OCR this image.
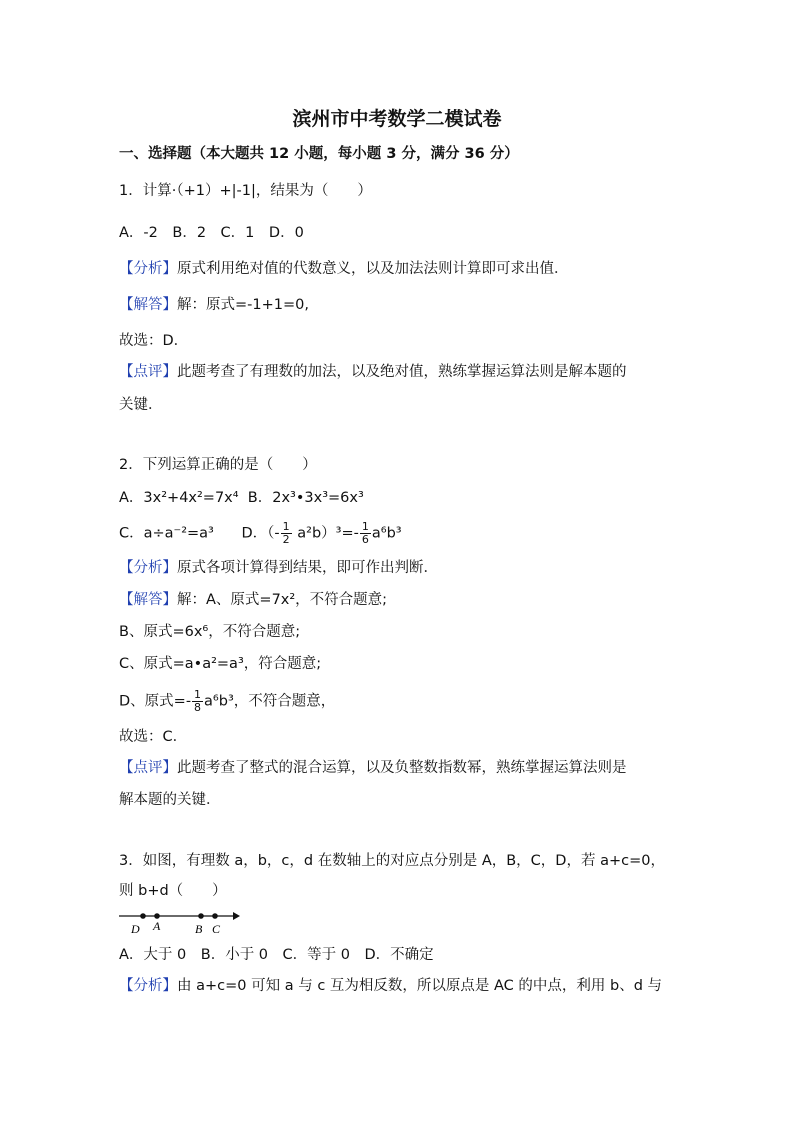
滨州市中考数学二模试卷
一、选择题（本大题共 12 小题，每小题 3 分，满分 36 分）
1．计算·（+1）+|-1|，结果为（　　）
A．-2　B．2　C．1　D．0
【分析】原式利用绝对值的代数意义，以及加法法则计算即可求出值．
【解答】解：原式=-1+1=0,
故选：D．
【点评】此题考查了有理数的加法，以及绝对值，熟练掌握运算法则是解本题的
关键．
2．下列运算正确的是（　　）
A．3x²+4x²=7x⁴ B．2x³•3x³=6x³
C．a÷a⁻²=a³ D．（- $\frac{1}{2} a^2b)^3=- \frac{1}{6} a^6b^3$
【分析】原式各项计算得到结果，即可作出判断．
【解答】解：A、原式=7x²，不符合题意;
B、原式=6x⁶，不符合题意;
C、原式=a•a²=a³，符合题意;
D、原式=- $\frac{1}{8} a^6b^3$，不符合题意，
故选：C．
【点评】此题考查了整式的混合运算，以及负整数指数幂，熟练掌握运算法则是
解本题的关键．
3．如图，有理数 a，b，c，d 在数轴上的对应点分别是 A，B，C，D，若 a+c=0，
则 b+d（　　）
D A	B C
A．大于 0　B．小于 0　C．等于 0　D．不确定
【分析】由 a+c=0 可知 a 与 c 互为相反数，所以原点是 AC 的中点，利用 b、d 与
